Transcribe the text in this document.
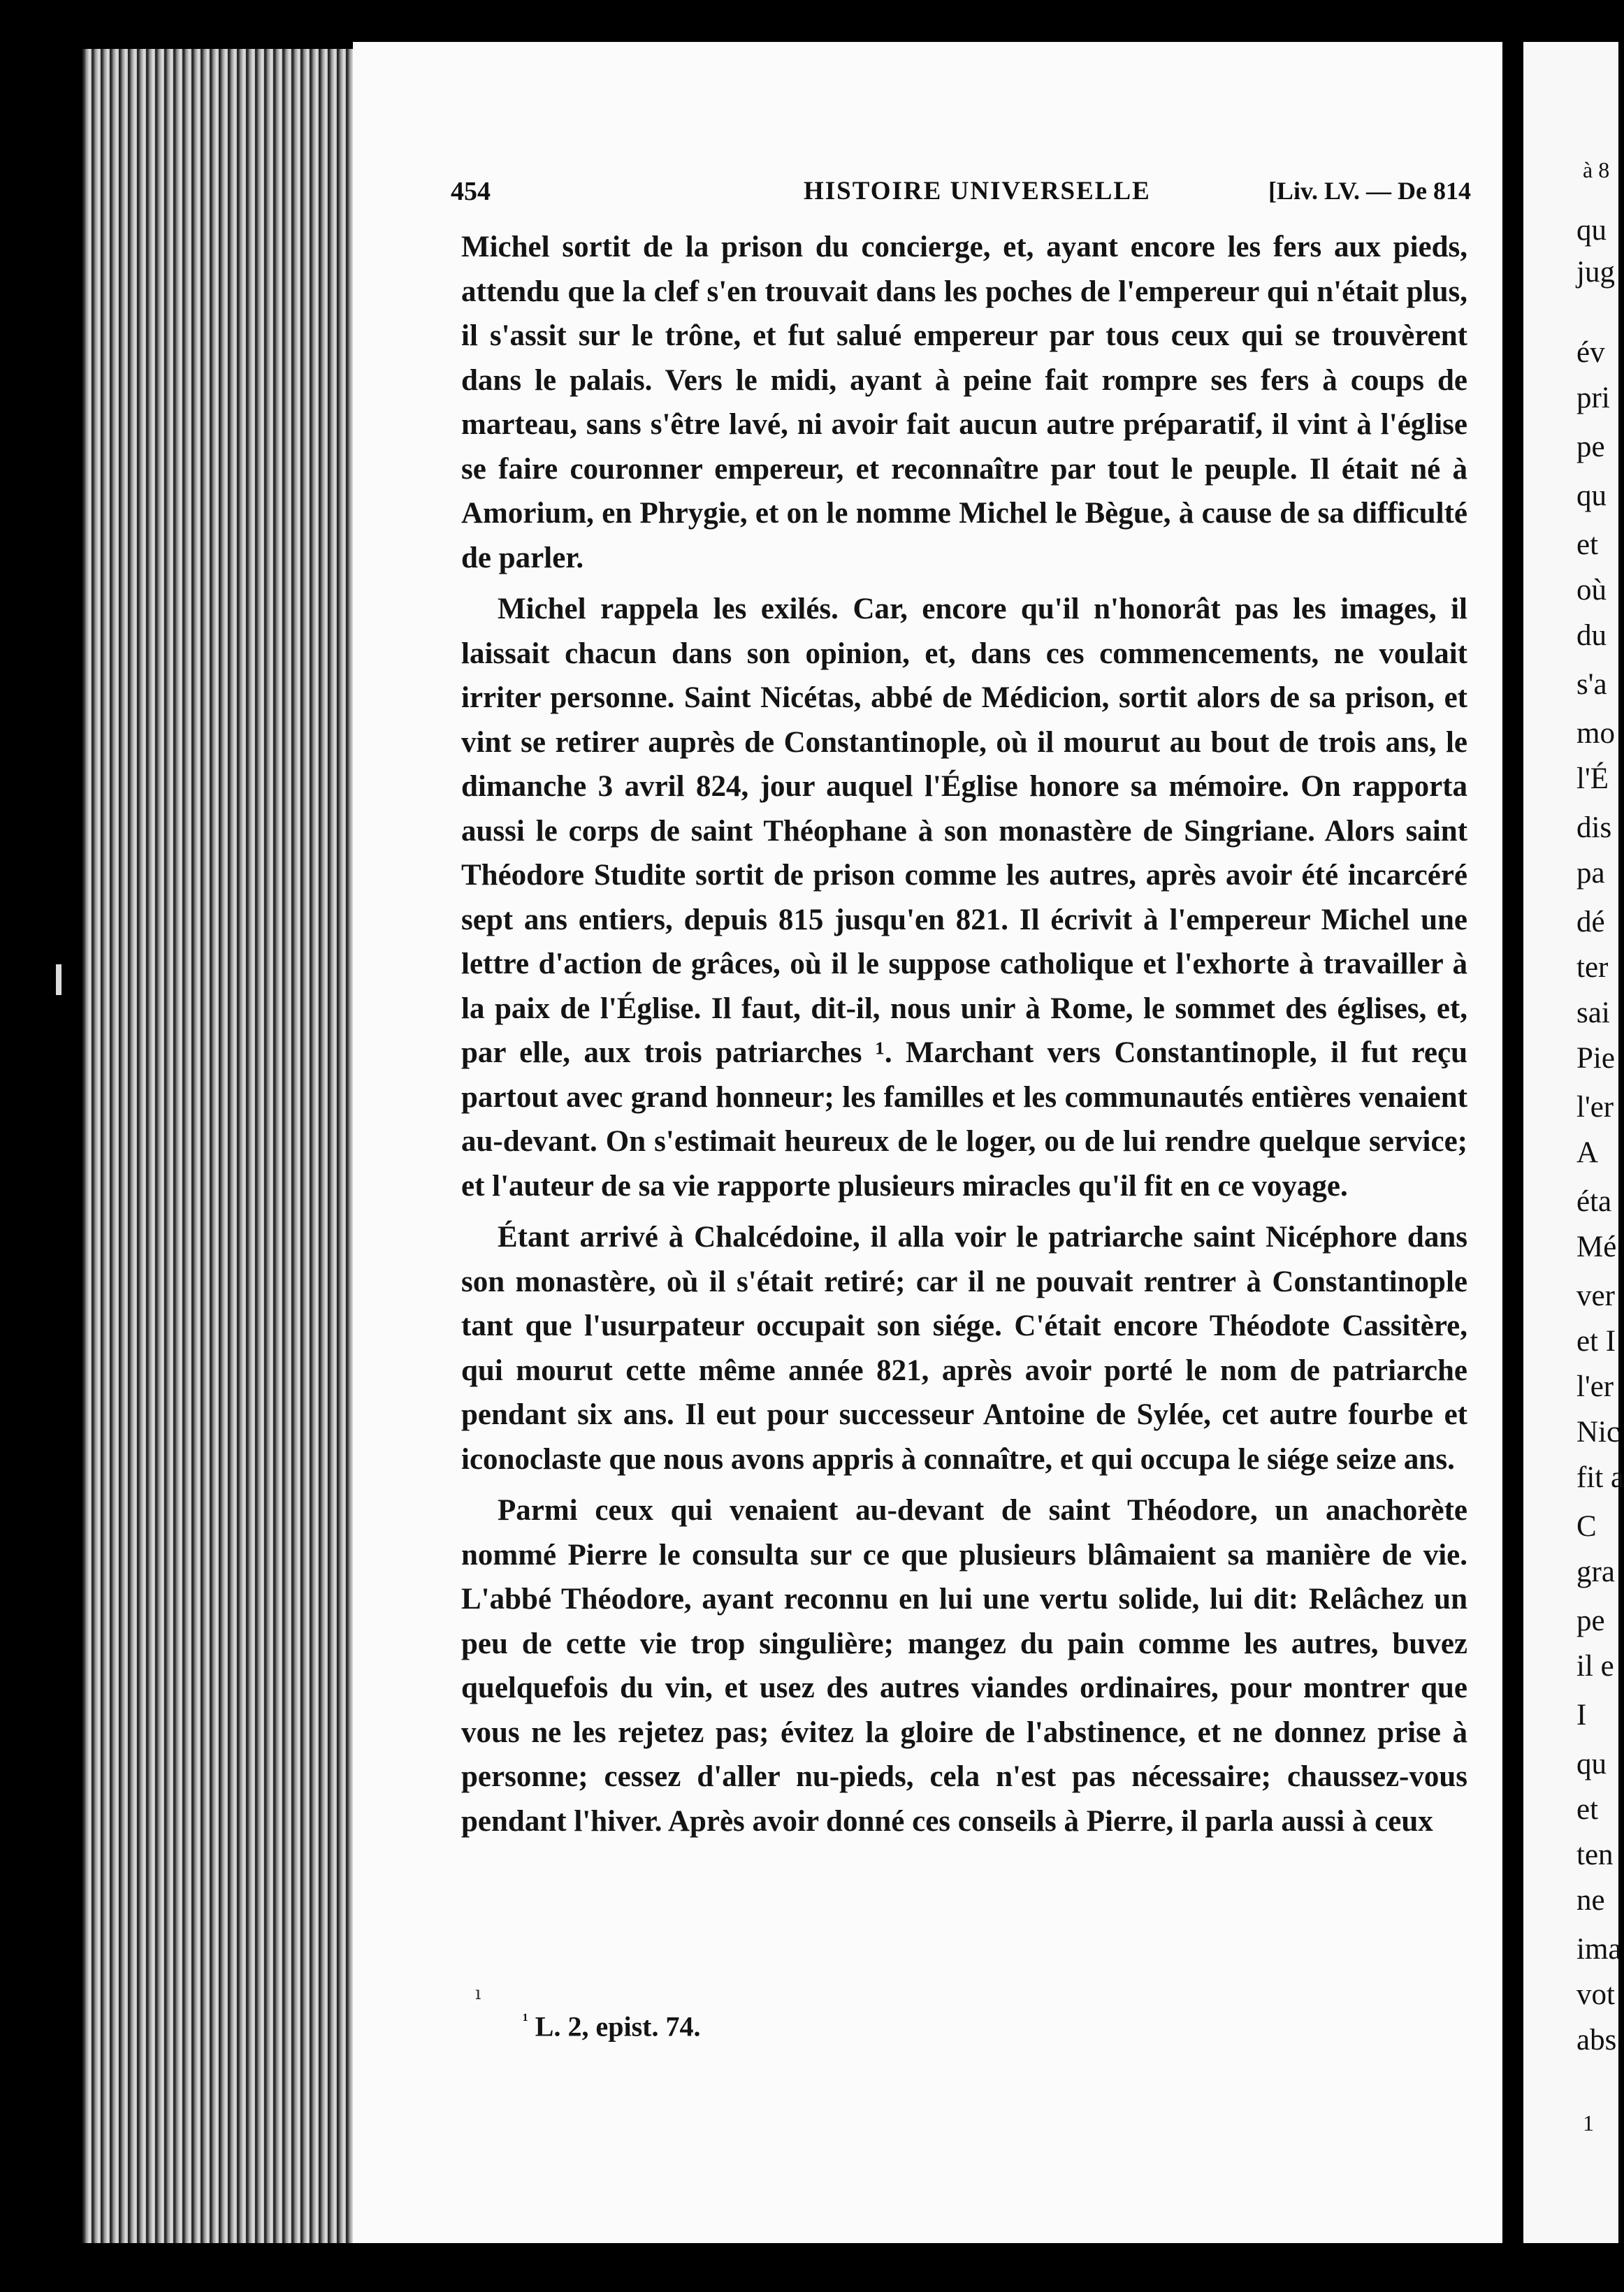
454	HISTOIRE UNIVERSELLE	[Liv. LV. — De 814

Michel sortit de la prison du concierge, et, ayant encore les fers aux pieds, attendu que la clef s'en trouvait dans les poches de l'empereur qui n'était plus, il s'assit sur le trône, et fut salué empereur par tous ceux qui se trouvèrent dans le palais. Vers le midi, ayant à peine fait rompre ses fers à coups de marteau, sans s'être lavé, ni avoir fait aucun autre préparatif, il vint à l'église se faire couronner empereur, et reconnaître par tout le peuple. Il était né à Amorium, en Phrygie, et on le nomme Michel le Bègue, à cause de sa difficulté de parler.

Michel rappela les exilés. Car, encore qu'il n'honorât pas les images, il laissait chacun dans son opinion, et, dans ces commencements, ne voulait irriter personne. Saint Nicétas, abbé de Médicion, sortit alors de sa prison, et vint se retirer auprès de Constantinople, où il mourut au bout de trois ans, le dimanche 3 avril 824, jour auquel l'Église honore sa mémoire. On rapporta aussi le corps de saint Théophane à son monastère de Singriane. Alors saint Théodore Studite sortit de prison comme les autres, après avoir été incarcéré sept ans entiers, depuis 815 jusqu'en 821. Il écrivit à l'empereur Michel une lettre d'action de grâces, où il le suppose catholique et l'exhorte à travailler à la paix de l'Église. Il faut, dit-il, nous unir à Rome, le sommet des églises, et, par elle, aux trois patriarches ¹. Marchant vers Constantinople, il fut reçu partout avec grand honneur; les familles et les communautés entières venaient au-devant. On s'estimait heureux de le loger, ou de lui rendre quelque service; et l'auteur de sa vie rapporte plusieurs miracles qu'il fit en ce voyage.

Étant arrivé à Chalcédoine, il alla voir le patriarche saint Nicéphore dans son monastère, où il s'était retiré; car il ne pouvait rentrer à Constantinople tant que l'usurpateur occupait son siége. C'était encore Théodote Cassitère, qui mourut cette même année 821, après avoir porté le nom de patriarche pendant six ans. Il eut pour successeur Antoine de Sylée, cet autre fourbe et iconoclaste que nous avons appris à connaître, et qui occupa le siége seize ans.

Parmi ceux qui venaient au-devant de saint Théodore, un anachorète nommé Pierre le consulta sur ce que plusieurs blâmaient sa manière de vie. L'abbé Théodore, ayant reconnu en lui une vertu solide, lui dit: Relâchez un peu de cette vie trop singulière; mangez du pain comme les autres, buvez quelquefois du vin, et usez des autres viandes ordinaires, pour montrer que vous ne les rejetez pas; évitez la gloire de l'abstinence, et ne donnez prise à personne; cessez d'aller nu-pieds, cela n'est pas nécessaire; chaussez-vous pendant l'hiver. Après avoir donné ces conseils à Pierre, il parla aussi à ceux

ı
$^{^1}$ L. 2, epist. 74.
à 8
qu
jug
év
pri
pe
qu
et
où
du
s'a
mo
l'É
dis
pa
dé
ter
sai
Pie
l'er
A
éta
Mé
ver
et I
l'er
Nic
fit a
C
gra
pe
il e
I
qu
et
ten
ne
ima
vot
abs
1
